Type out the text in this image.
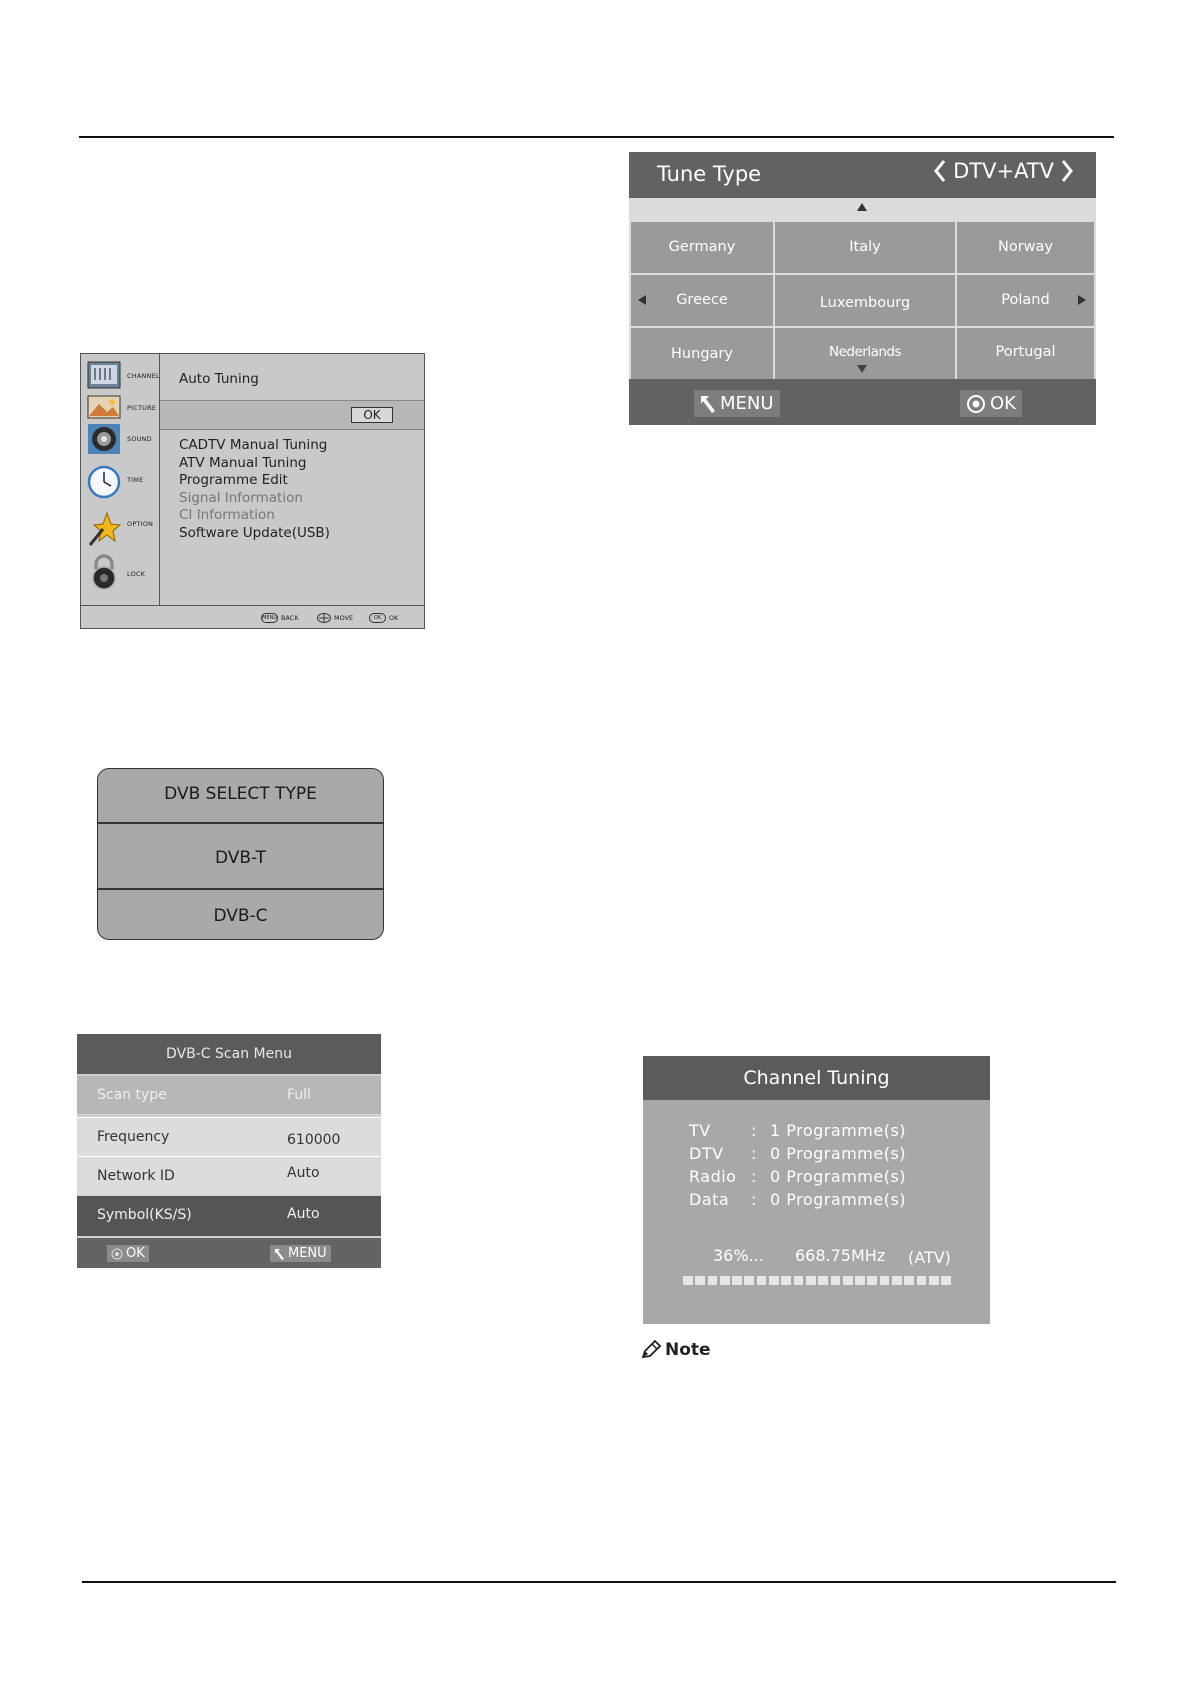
CHANNEL
PICTURE
SOUND
TIME
OPTION
LOCK
Auto Tuning
OK
CADTV Manual Tuning
ATV Manual Tuning
Programme Edit
Signal Information
CI Information
Software Update(USB)
MENU BACK	MOVE	OK	OK
DVB SELECT TYPE
DVB-T
DVB-C
DVB-C Scan Menu
Scan type	Full
Frequency	610000
Network ID	Auto
Symbol(KS/S)	Auto
OK	MENU
Tune Type	DTV+ATV
Germany	Italy	Norway
Greece	Luxembourg	Poland
Hungary	Nederlands	Portugal
MENU	OK
Channel Tuning
TV	: 1 Programme(s)
DTV : 0 Programme(s)
Radio : 0 Programme(s)
Data : 0 Programme(s)
36%... 668.75MHz (ATV)
Note
